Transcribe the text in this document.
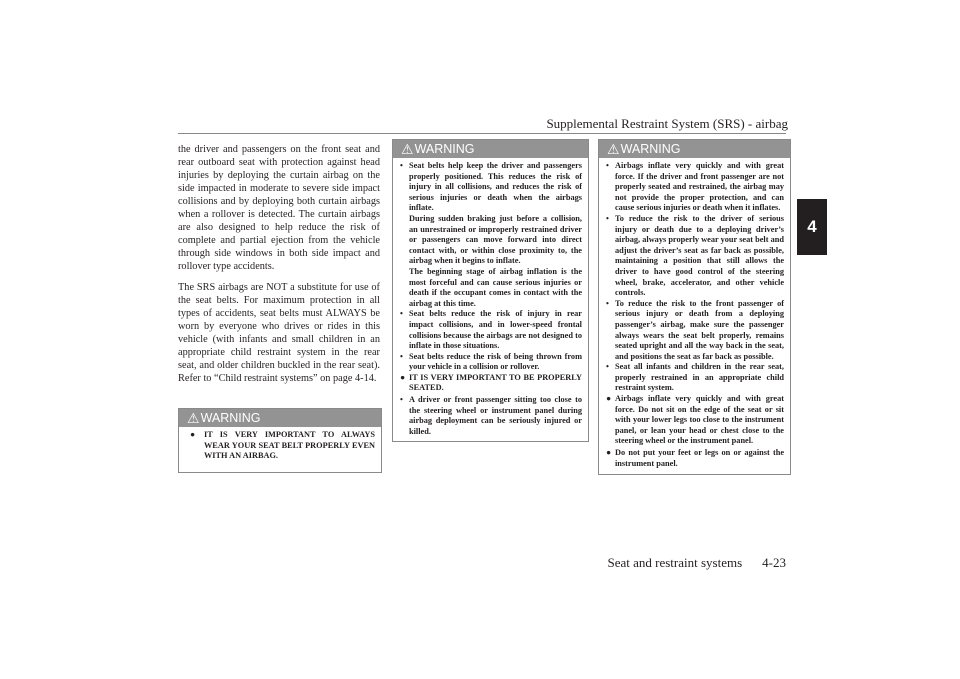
Supplemental Restraint System (SRS) - airbag
4

the driver and passengers on the front seat and rear outboard seat with protection against head injuries by deploying the curtain airbag on the side impacted in moderate to severe side impact collisions and by deploying both curtain airbags when a rollover is detected. The curtain airbags are also designed to help reduce the risk of complete and partial ejection from the vehicle through side windows in both side impact and rollover type accidents.

The SRS airbags are NOT a substitute for use of the seat belts. For maximum protection in all types of accidents, seat belts must ALWAYS be worn by everyone who drives or rides in this vehicle (with infants and small children in an appropriate child restraint system in the rear seat, and older children buckled in the rear seat). Refer to “Child restraint systems” on page 4-14.

⚠ WARNING
● IT IS VERY IMPORTANT TO ALWAYS WEAR YOUR SEAT BELT PROPERLY EVEN WITH AN AIRBAG.
⚠ WARNING
• Seat belts help keep the driver and passengers properly positioned. This reduces the risk of injury in all collisions, and reduces the risk of serious injuries or death when the airbags inflate.

During sudden braking just before a collision, an unrestrained or improperly restrained driver or passengers can move forward into direct contact with, or within close proximity to, the airbag when it begins to inflate.

The beginning stage of airbag inflation is the most forceful and can cause serious injuries or death if the occupant comes in contact with the airbag at this time.

• Seat belts reduce the risk of injury in rear impact collisions, and in lower-speed frontal collisions because the airbags are not designed to inflate in those situations.

• Seat belts reduce the risk of being thrown from your vehicle in a collision or rollover.

● IT IS VERY IMPORTANT TO BE PROPERLY SEATED.
• A driver or front passenger sitting too close to the steering wheel or instrument panel during airbag deployment can be seriously injured or killed.

⚠ WARNING
• Airbags inflate very quickly and with great force. If the driver and front passenger are not properly seated and restrained, the airbag may not provide the proper protection, and can cause serious injuries or death when it inflates.

• To reduce the risk to the driver of serious injury or death due to a deploying driver’s airbag, always properly wear your seat belt and adjust the driver’s seat as far back as possible, maintaining a position that still allows the driver to have good control of the steering wheel, brake, accelerator, and other vehicle controls.

• To reduce the risk to the front passenger of serious injury or death from a deploying passenger’s airbag, make sure the passenger always wears the seat belt properly, remains seated upright and all the way back in the seat, and positions the seat as far back as possible.

• Seat all infants and children in the rear seat, properly restrained in an appropriate child restraint system.

● Airbags inflate very quickly and with great force. Do not sit on the edge of the seat or sit with your lower legs too close to the instrument panel, or lean your head or chest close to the steering wheel or the instrument panel.
● Do not put your feet or legs on or against the instrument panel.
Seat and restraint systems 4-23
